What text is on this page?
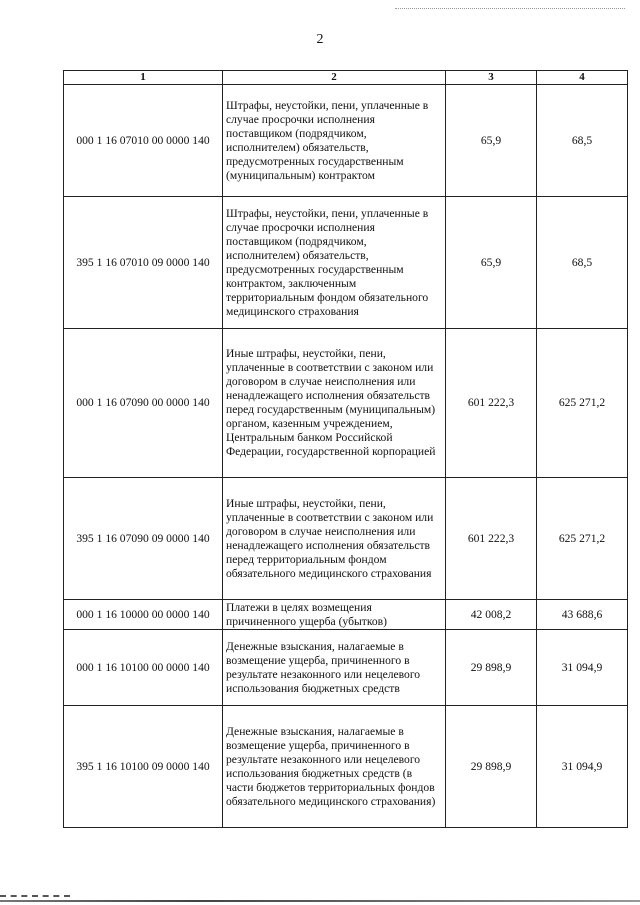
2
1	2	3	4
000 1 16 07010 00 0000 140	Штрафы, неустойки, пени, уплаченные в случае просрочки исполнения поставщиком (подрядчиком, исполнителем) обязательств, предусмотренных государственным (муниципальным) контрактом	65,9	68,5
395 1 16 07010 09 0000 140	Штрафы, неустойки, пени, уплаченные в случае просрочки исполнения поставщиком (подрядчиком, исполнителем) обязательств, предусмотренных государственным контрактом, заключенным территориальным фондом обязательного медицинского страхования	65,9	68,5
000 1 16 07090 00 0000 140	Иные штрафы, неустойки, пени, уплаченные в соответствии с законом или договором в случае неисполнения или ненадлежащего исполнения обязательств перед государственным (муниципальным) органом, казенным учреждением, Центральным банком Российской Федерации, государственной корпорацией	601 222,3	625 271,2
395 1 16 07090 09 0000 140	Иные штрафы, неустойки, пени, уплаченные в соответствии с законом или договором в случае неисполнения или ненадлежащего исполнения обязательств перед территориальным фондом обязательного медицинского страхования	601 222,3	625 271,2
000 1 16 10000 00 0000 140	Платежи в целях возмещения причиненного ущерба (убытков)	42 008,2	43 688,6
000 1 16 10100 00 0000 140	Денежные взыскания, налагаемые в возмещение ущерба, причиненного в результате незаконного или нецелевого использования бюджетных средств	29 898,9	31 094,9
395 1 16 10100 09 0000 140	Денежные взыскания, налагаемые в возмещение ущерба, причиненного в результате незаконного или нецелевого использования бюджетных средств (в части бюджетов территориальных фондов обязательного медицинского страхования)	29 898,9	31 094,9
